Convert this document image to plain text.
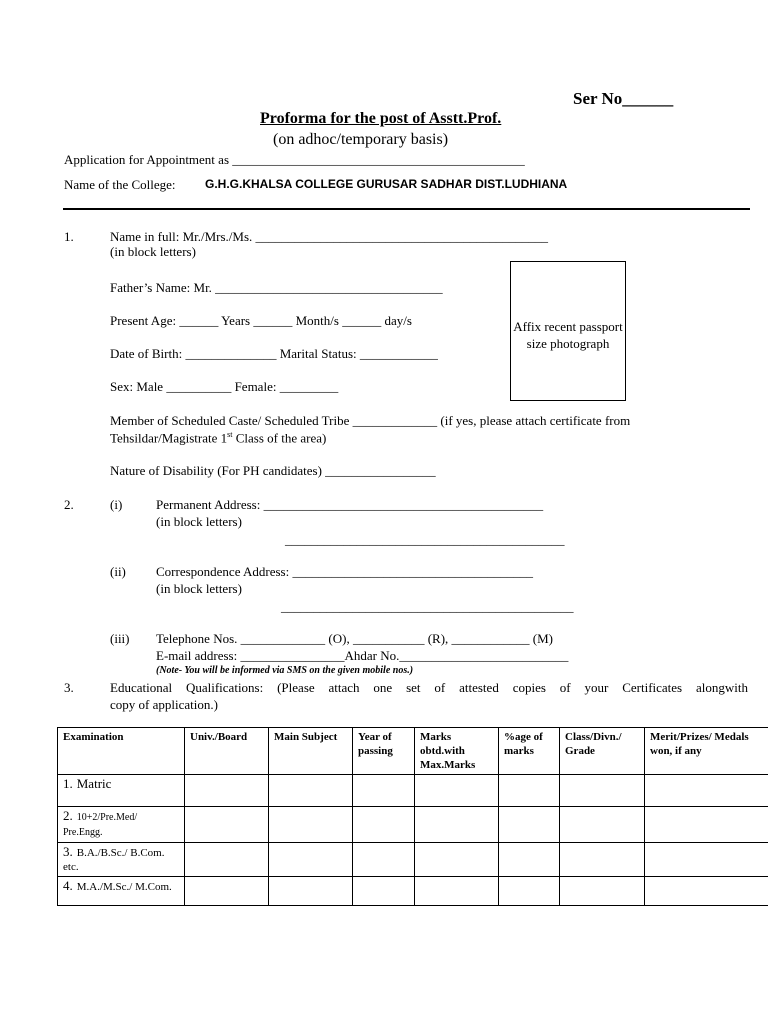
Ser No______
Proforma for the post of Asstt.Prof.
(on adhoc/temporary basis)
Application for Appointment as _____________________________________________
Name of the College: G.H.G.KHALSA COLLEGE GURUSAR SADHAR DIST.LUDHIANA
1.	Name in full: Mr./Mrs./Ms. _____________________________________________
(in block letters)
Father’s Name: Mr. ___________________________________
Present Age: ______ Years ______ Month/s ______ day/s
Date of Birth: ______________ Marital Status: ____________
Sex: Male __________ Female: _________
Member of Scheduled Caste/ Scheduled Tribe _____________ (if yes, please attach certificate from
Tehsildar/Magistrate 1st Class of the area)
Nature of Disability (For PH candidates) _________________
Affix recent passport size photograph
2.	(i)	Permanent Address: ___________________________________________
(in block letters)
___________________________________________
(ii) Correspondence Address: _____________________________________
(in block letters)
_____________________________________________
(iii) Telephone Nos. _____________ (O), ___________ (R), ____________ (M)
E-mail address: ________________Ahdar No.__________________________
(Note- You will be informed via SMS on the given mobile nos.)
3.	Educational Qualifications: (Please attach one set of attested copies of your Certificates alongwith
copy of application.)
Examination	Univ./Board	Main Subject	Year of passing	Marks obtd.with Max.Marks	%age of marks	Class/Divn./ Grade	Merit/Prizes/ Medals won, if any
1. Matric							
2. 10+2/Pre.Med/ Pre.Engg.							
3. B.A./B.Sc./ B.Com. etc.							
4. M.A./M.Sc./ M.Com.							
